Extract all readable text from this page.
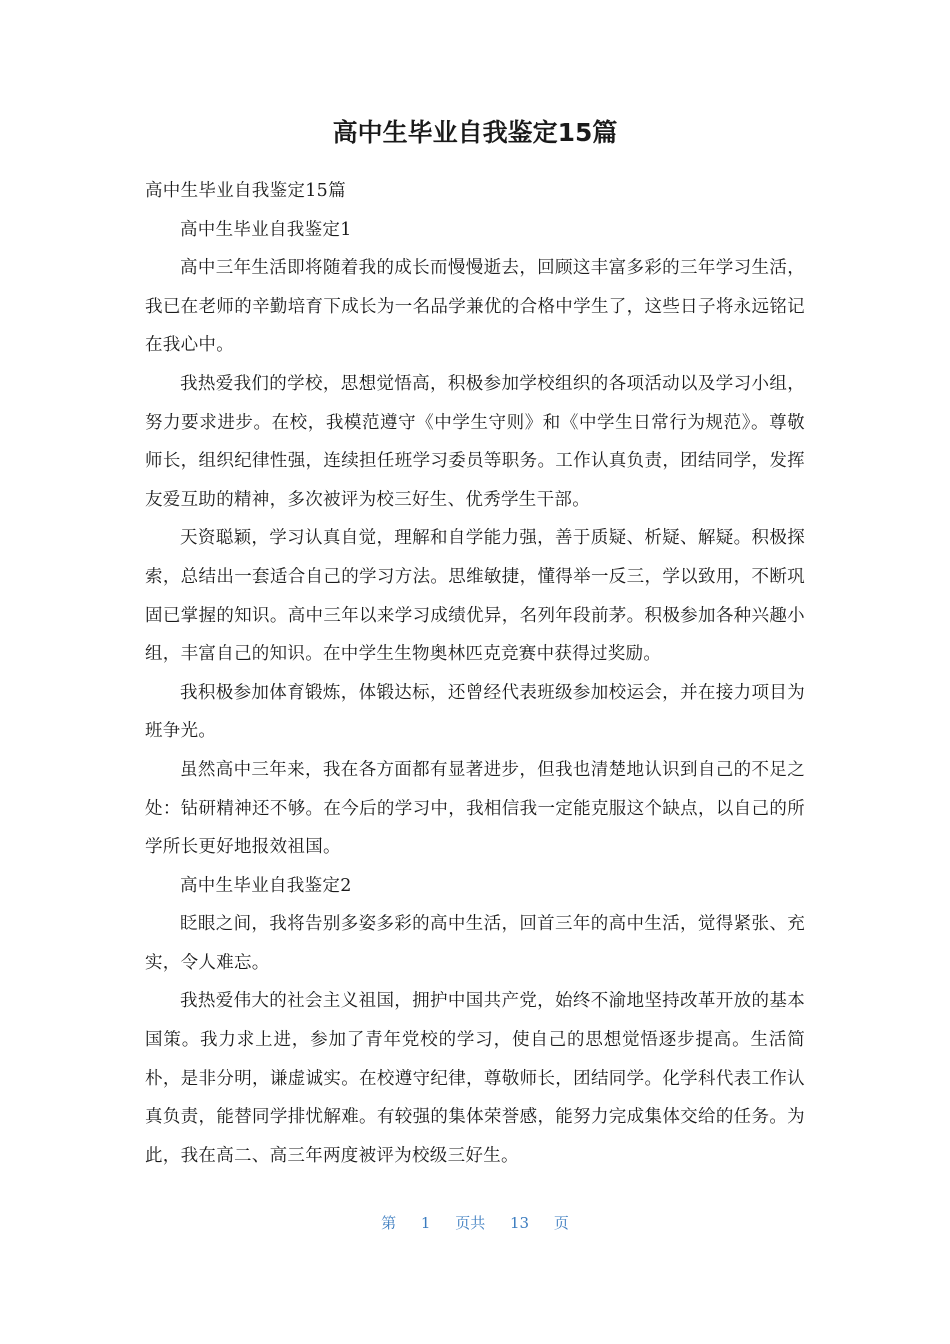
高中生毕业自我鉴定15篇

高中生毕业自我鉴定15篇

高中生毕业自我鉴定1

高中三年生活即将随着我的成长而慢慢逝去，回顾这丰富多彩的三年学习生活，我已在老师的辛勤培育下成长为一名品学兼优的合格中学生了，这些日子将永远铭记在我心中。

我热爱我们的学校，思想觉悟高，积极参加学校组织的各项活动以及学习小组，努力要求进步。在校，我模范遵守《中学生守则》和《中学生日常行为规范》。尊敬师长，组织纪律性强，连续担任班学习委员等职务。工作认真负责，团结同学，发挥友爱互助的精神，多次被评为校三好生、优秀学生干部。

天资聪颖，学习认真自觉，理解和自学能力强，善于质疑、析疑、解疑。积极探索，总结出一套适合自己的学习方法。思维敏捷，懂得举一反三，学以致用，不断巩固已掌握的知识。高中三年以来学习成绩优异，名列年段前茅。积极参加各种兴趣小组，丰富自己的知识。在中学生生物奥林匹克竞赛中获得过奖励。

我积极参加体育锻炼，体锻达标，还曾经代表班级参加校运会，并在接力项目为班争光。

虽然高中三年来，我在各方面都有显著进步，但我也清楚地认识到自己的不足之处：钻研精神还不够。在今后的学习中，我相信我一定能克服这个缺点，以自己的所学所长更好地报效祖国。

高中生毕业自我鉴定2

眨眼之间，我将告别多姿多彩的高中生活，回首三年的高中生活，觉得紧张、充实，令人难忘。

我热爱伟大的社会主义祖国，拥护中国共产党，始终不渝地坚持改革开放的基本国策。我力求上进，参加了青年党校的学习，使自己的思想觉悟逐步提高。生活简朴，是非分明，谦虚诚实。在校遵守纪律，尊敬师长，团结同学。化学科代表工作认真负责，能替同学排忧解难。有较强的集体荣誉感，能努力完成集体交给的任务。为此，我在高二、高三年两度被评为校级三好生。

第 1 页共 13 页
